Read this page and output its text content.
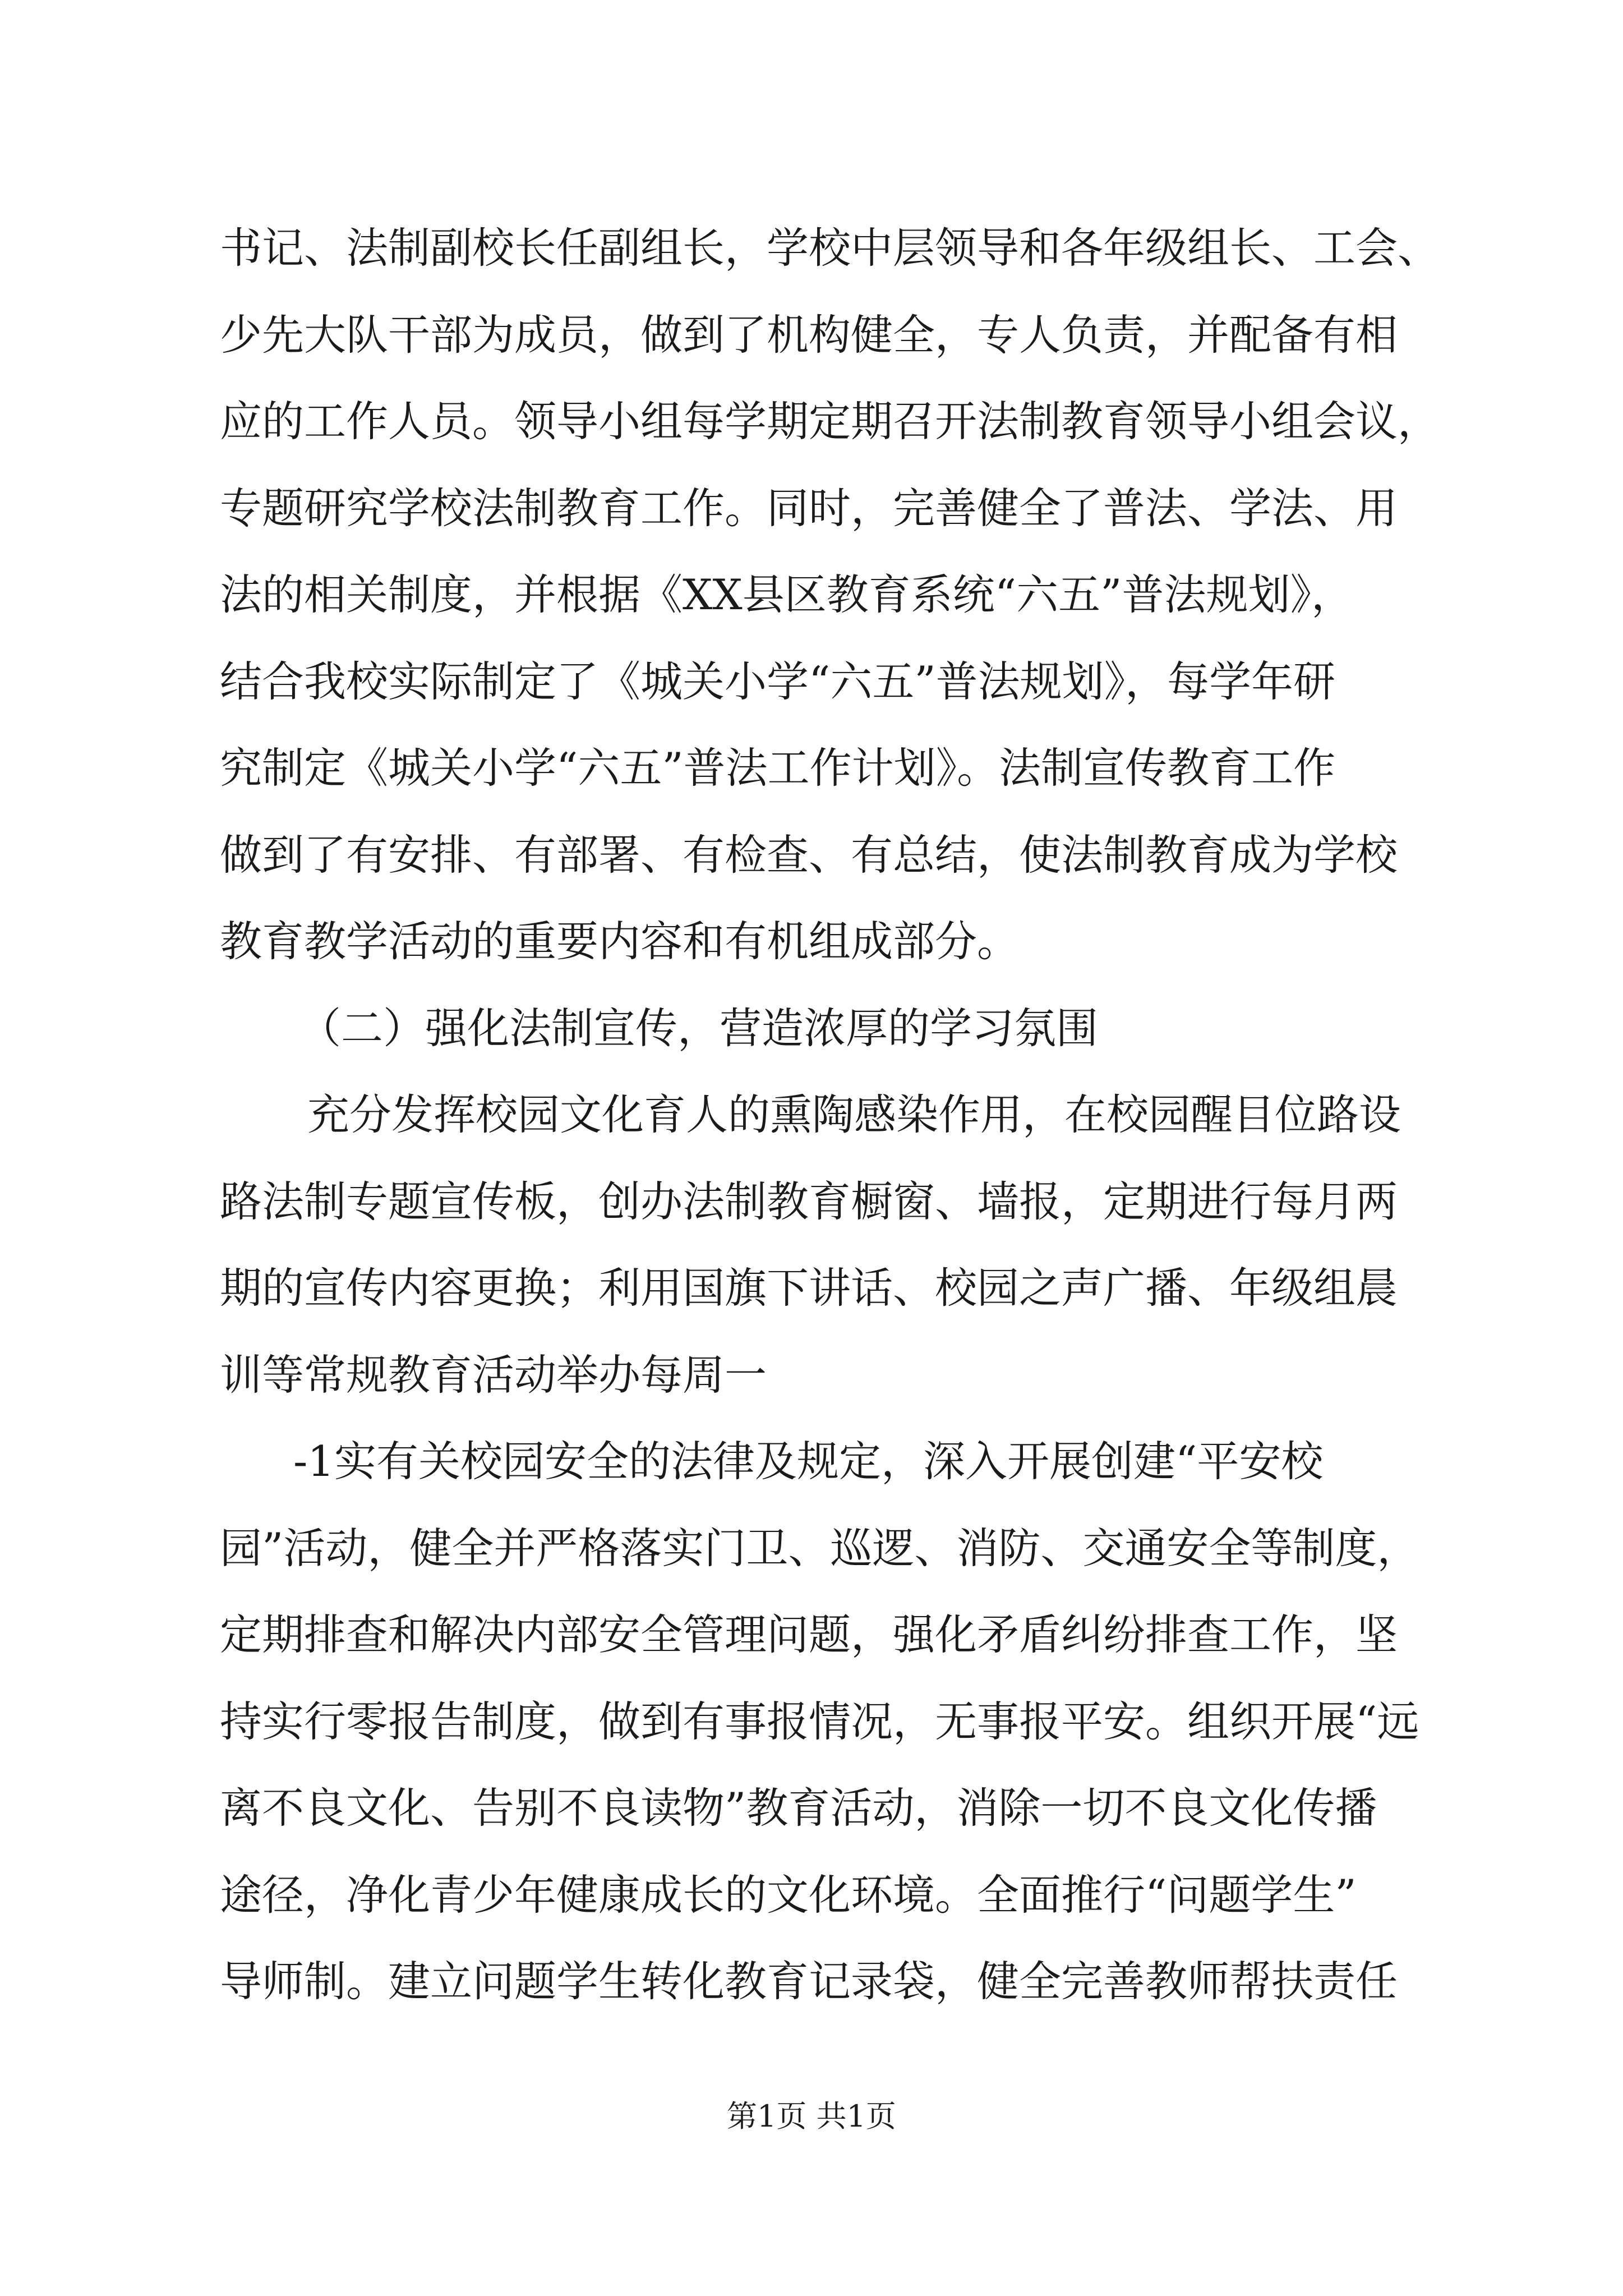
书记、法制副校长任副组长，学校中层领导和各年级组长、工会、
少先大队干部为成员，做到了机构健全，专人负责，并配备有相
应的工作人员。领导小组每学期定期召开法制教育领导小组会议，
专题研究学校法制教育工作。同时，完善健全了普法、学法、用
法的相关制度，并根据《XX县区教育系统“六五”普法规划》，
结合我校实际制定了《城关小学“六五”普法规划》，每学年研
究制定《城关小学“六五”普法工作计划》。法制宣传教育工作
做到了有安排、有部署、有检查、有总结，使法制教育成为学校
教育教学活动的重要内容和有机组成部分。
（二）强化法制宣传，营造浓厚的学习氛围
充分发挥校园文化育人的熏陶感染作用，在校园醒目位路设
路法制专题宣传板，创办法制教育橱窗、墙报，定期进行每月两
期的宣传内容更换；利用国旗下讲话、校园之声广播、年级组晨
训等常规教育活动举办每周一
-1实有关校园安全的法律及规定，深入开展创建“平安校
园”活动，健全并严格落实门卫、巡逻、消防、交通安全等制度，
定期排查和解决内部安全管理问题，强化矛盾纠纷排查工作，坚
持实行零报告制度，做到有事报情况，无事报平安。组织开展“远
离不良文化、告别不良读物”教育活动，消除一切不良文化传播
途径，净化青少年健康成长的文化环境。全面推行“问题学生”
导师制。建立问题学生转化教育记录袋，健全完善教师帮扶责任
第1页 共1页
